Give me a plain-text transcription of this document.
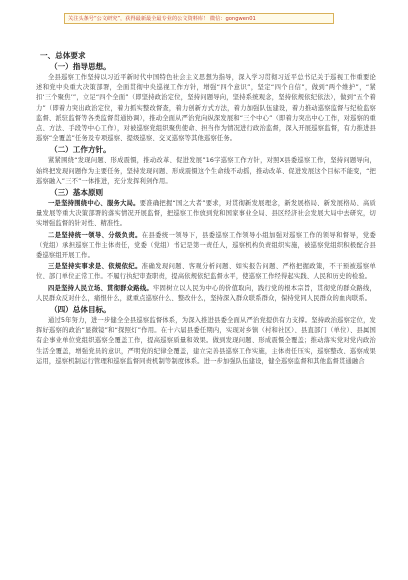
关注头条号“公文研究”，获得最新最全最专业的公文资料库！ 微信：gongwen01
一、总体要求
（一）指导思想。
全县巡察工作坚持以习近平新时代中国特色社会主义思想为指导，深入学习贯彻习近平总书记关于巡视工作重要论述和党中央重大决策部署，全面贯彻中央巡视工作方针，增强“四个意识”，坚定“四个自信”，做到“两个维护”，“紧扣‘三个聚焦’”，立足“四个全面”（即坚持政治定位，坚持问题导向，坚持系统观念，坚持依规依纪依法），做到“五个着力”（即着力突出政治定位，着力抓实整改督查，着力创新方式方法，着力加强队伍建设，着力推动巡察监督与纪检监察监督、派驻监督等各类监督贯通协调），推动全面从严治党向纵深发展和“三个中心”（即着力突出中心工作，对巡察的重点、方法、手段等中心工作），对被巡察党组织聚焦使命、担当作为情况进行政治监督，深入开展巡察监督，有力推进县巡察“全覆盖”任务及专项巡察、提级巡察、交叉巡察等其他巡察任务。
（二）工作方针。
紧紧围绕“发现问题、形成震慑，推动改革、促进发展”16字巡察工作方针，对照X县委巡察工作，坚持问题导向，始终把发现问题作为主要任务，坚持发现问题、形成震慑这个生命线不动摇，推动改革、促进发展这个目标不能变，“把巡察融入”三不”一体推进，充分发挥利剑作用。
（三）基本原则
一是坚持围绕中心、服务大局。要准确把握“国之大者”要求，对贯彻新发展理念，新发展格局、新发展格局、高质量发展等重大决策部署的落实情况开展监督，把巡察工作放到党和国家事业全局、县区经济社会发展大局中去研究，切实增强监督的针对性、精准性。
二是坚持统一领导、分级负责。在县委统一领导下，县委巡察工作领导小组加强对巡察工作的领导和督导，党委（党组）承担巡察工作主体责任，党委（党组）书记是第一责任人，巡察机构负责组织实施，被巡察党组织积极配合县委巡察组开展工作。
三是坚持实事求是、依规依纪。准确发现问题、客观分析问题、如实报告问题、严格把握政策，不干预被巡察单位、部门单位正常工作。不履行执纪审查职责，提高依规依纪监督水平，使巡察工作经得起实践、人民和历史的检验。
四是坚持人民立场、贯彻群众路线。牢固树立以人民为中心的价值取向，践行党的根本宗旨，贯彻党的群众路线，人民群众反对什么，痛恨什么，就重点巡察什么、整改什么，坚持深入群众联系群众，保持党同人民群众的血肉联系。
（四）总体目标。
通过5年努力，进一步健全全县巡察监督体系，为深入推进县委全面从严治党提供有力支撑。坚持政治巡察定位，发挥好巡察的政治“显微镜”和“探照灯”作用。在十六届县委任期内，实现对乡镇（村和社区）、县直部门（单位）、县属国有企事业单位党组织巡察全覆盖工作，提高巡察质量和效果。做到发现问题、形成震慑全覆盖；推动落实党对党内政治生活全覆盖，增强党员的意识，严明党的纪律全覆盖，建立完善县巡察工作实施，主体责任压实，巡察整改、巡察成果运用，巡察机制运行管理和巡察监督同责机制等制度体系。进一步加强队伍建设，健全巡察监督和其他监督贯通融合
